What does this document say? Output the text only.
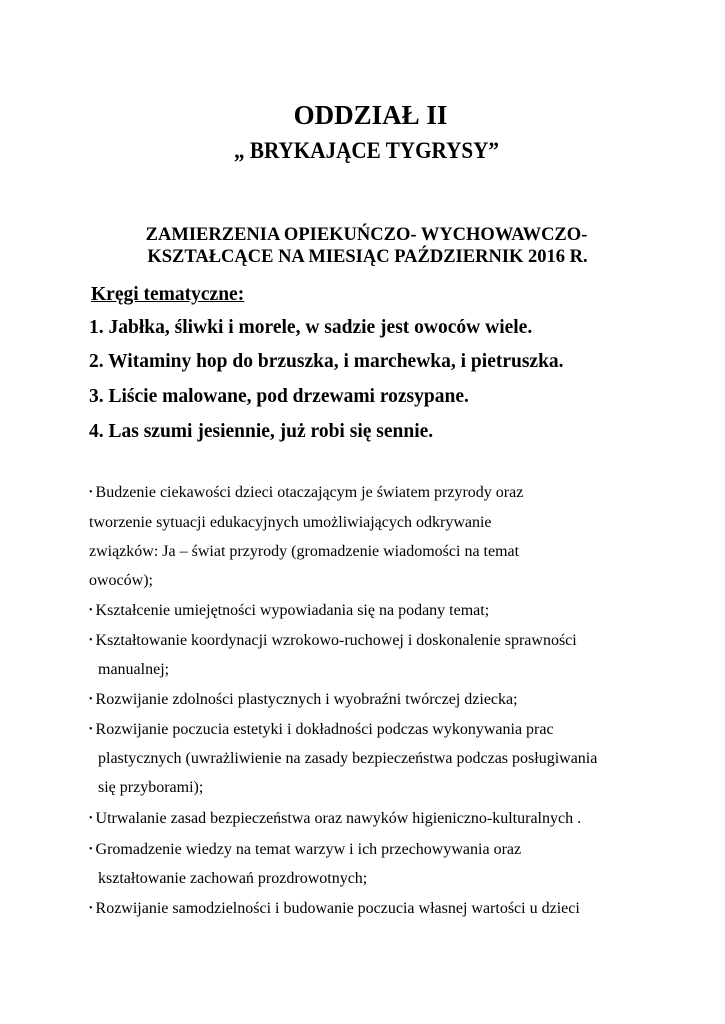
ODDZIAŁ II
„ BRYKAJĄCE TYGRYSY”

ZAMIERZENIA OPIEKUŃCZO- WYCHOWAWCZO-

KSZTAŁCĄCE NA MIESIĄC PAŹDZIERNIK 2016 R.

Kręgi tematyczne:

1. Jabłka, śliwki i morele, w sadzie jest owoców wiele.

2. Witaminy hop do brzuszka, i marchewka, i pietruszka.

3. Liście malowane, pod drzewami rozsypane.

4. Las szumi jesiennie, już robi się sennie.

• Budzenie ciekawości dzieci otaczającym je światem przyrody oraz

tworzenie sytuacji edukacyjnych umożliwiających odkrywanie

związków: Ja – świat przyrody (gromadzenie wiadomości na temat

owoców);

• Kształcenie umiejętności wypowiadania się na podany temat;

• Kształtowanie koordynacji wzrokowo-ruchowej i doskonalenie sprawności

manualnej;

• Rozwijanie zdolności plastycznych i wyobraźni twórczej dziecka;

• Rozwijanie poczucia estetyki i dokładności podczas wykonywania prac

plastycznych (uwrażliwienie na zasady bezpieczeństwa podczas posługiwania

się przyborami);

• Utrwalanie zasad bezpieczeństwa oraz nawyków higieniczno-kulturalnych .

• Gromadzenie wiedzy na temat warzyw i ich przechowywania oraz

kształtowanie zachowań prozdrowotnych;

• Rozwijanie samodzielności i budowanie poczucia własnej wartości u dzieci
